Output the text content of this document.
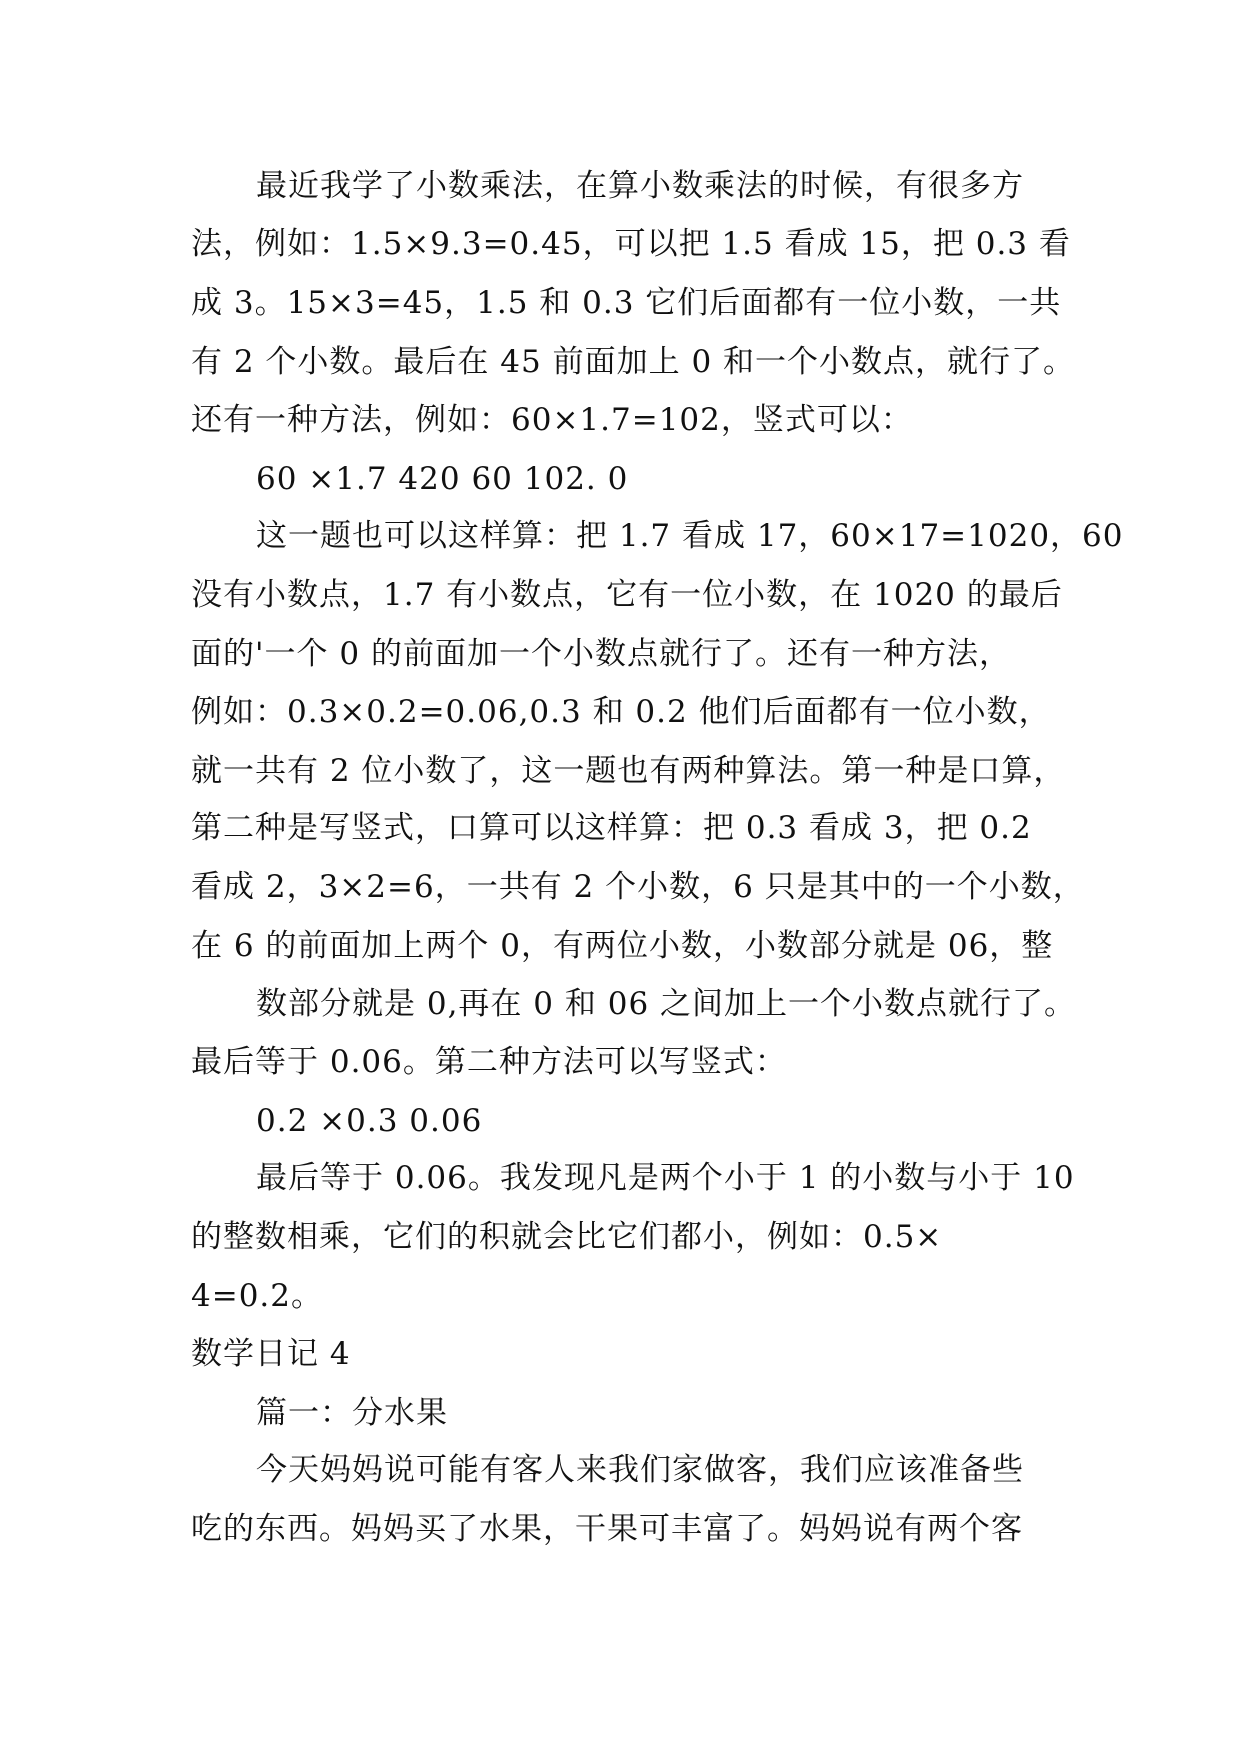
最近我学了小数乘法，在算小数乘法的时候，有很多方
法，例如：1.5×9.3=0.45，可以把 1.5 看成 15，把 0.3 看
成 3。15×3=45，1.5 和 0.3 它们后面都有一位小数，一共
有 2 个小数。最后在 45 前面加上 0 和一个小数点，就行了。
还有一种方法，例如：60×1.7=102，竖式可以：
60 ×1.7 420 60 102. 0
这一题也可以这样算：把 1.7 看成 17，60×17=1020，60
没有小数点，1.7 有小数点，它有一位小数，在 1020 的最后
面的'一个 0 的前面加一个小数点就行了。还有一种方法，
例如：0.3×0.2=0.06,0.3 和 0.2 他们后面都有一位小数，
就一共有 2 位小数了，这一题也有两种算法。第一种是口算，
第二种是写竖式，口算可以这样算：把 0.3 看成 3，把 0.2
看成 2，3×2=6，一共有 2 个小数，6 只是其中的一个小数，
在 6 的前面加上两个 0，有两位小数，小数部分就是 06，整
数部分就是 0,再在 0 和 06 之间加上一个小数点就行了。
最后等于 0.06。第二种方法可以写竖式：
0.2 ×0.3 0.06
最后等于 0.06。我发现凡是两个小于 1 的小数与小于 10
的整数相乘，它们的积就会比它们都小，例如：0.5×
4=0.2。
数学日记 4
篇一：分水果
今天妈妈说可能有客人来我们家做客，我们应该准备些
吃的东西。妈妈买了水果，干果可丰富了。妈妈说有两个客
